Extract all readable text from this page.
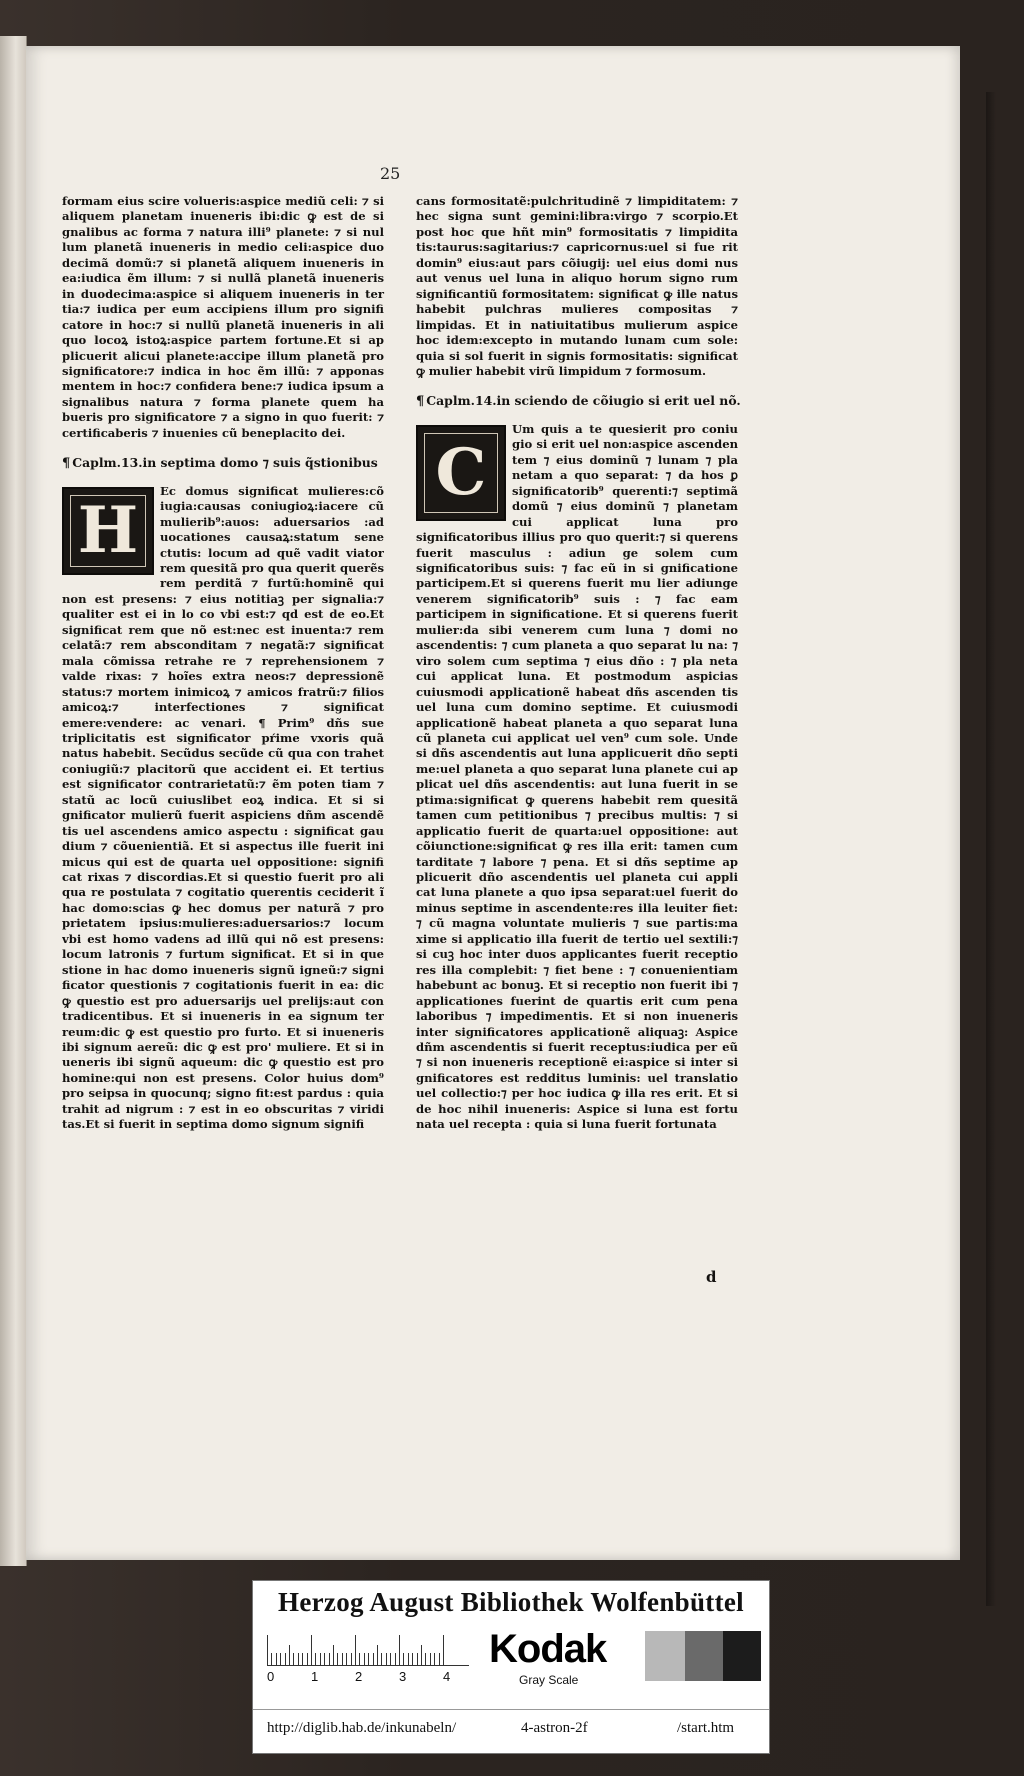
25

formam eius scire volueris:aspice mediũ celi: ⁊ si aliquem planetam inueneris ibi:dic ꝙ est de si gnalibus ac forma ⁊ natura illi⁹ planete: ⁊ si nul lum planetã inueneris in medio celi:aspice duo decimã domũ:⁊ si planetã aliquem inueneris in ea:iudica ẽm illum: ⁊ si nullã planetã inueneris in duodecima:aspice si aliquem inueneris in ter tia:⁊ iudica per eum accipiens illum pro signifi catore in hoc:⁊ si nullũ planetã inueneris in ali quo locoꝝ istoꝝ:aspice partem fortune.Et si ap plicuerit alicui planete:accipe illum planetã pro significatore:⁊ indica in hoc ẽm illũ: ⁊ apponas mentem in hoc:⁊ confidera bene:⁊ iudica ipsum a signalibus natura ⁊ forma planete quem ha bueris pro significatore ⁊ a signo in quo fuerit: ⁊ certificaberis ⁊ inuenies cũ beneplacito dei.

¶ Caplm.13.in septima domo ⁊ suis q̃stionibus
H

Ec domus significat mulieres:cõ iugia:causas coniugioꝝ:iacere cũ mulierib⁹:auos: aduersarios :ad uocationes causaꝝ:statum sene ctutis: locum ad quẽ vadit viator rem quesitã pro qua querit querẽs rem perditã ⁊ furtũ:hominẽ qui non est presens: ⁊ eius notitiaꝫ per signalia:⁊ qualiter est ei in lo co vbi est:⁊ qd est de eo.Et significat rem que nõ est:nec est inuenta:⁊ rem celatã:⁊ rem absconditam ⁊ negatã:⁊ significat mala cõmissa retrahe re ⁊ reprehensionem ⁊ valde rixas: ⁊ hoĩes extra neos:⁊ depressionẽ status:⁊ mortem inimicoꝝ ⁊ amicos fratrũ:⁊ filios amicoꝝ:⁊ interfectiones ⁊ significat emere:vendere: ac venari. ¶ Prim⁹ dñs sue triplicitatis est significator pŕime vxoris quã natus habebit. Secũdus secũde cũ qua con trahet coniugiũ:⁊ placitorũ que accident ei. Et tertius est significator contrarietatũ:⁊ ẽm poten tiam ⁊ statũ ac locũ cuiuslibet eoꝝ indica. Et si si gnificator mulierũ fuerit aspiciens dñm ascendẽ tis uel ascendens amico aspectu : significat gau dium ⁊ cõuenientiã. Et si aspectus ille fuerit ini micus qui est de quarta uel oppositione: signifi cat rixas ⁊ discordias.Et si questio fuerit pro ali qua re postulata ⁊ cogitatio querentis ceciderit ĩ hac domo:scias ꝙ hec domus per naturã ⁊ pro prietatem ipsius:mulieres:aduersarios:⁊ locum vbi est homo vadens ad illũ qui nõ est presens: locum latronis ⁊ furtum significat. Et si in que stione in hac domo inueneris signũ igneũ:⁊ signi ficator questionis ⁊ cogitationis fuerit in ea: dic ꝙ questio est pro aduersarijs uel prelijs:aut con tradicentibus. Et si inueneris in ea signum ter reum:dic ꝙ est questio pro furto. Et si inueneris ibi signum aereũ: dic ꝙ est pro' muliere. Et si in ueneris ibi signũ aqueum: dic ꝙ questio est pro homine:qui non est presens. Color huius dom⁹ pro seipsa in quocunq; signo fit:est pardus : quia trahit ad nigrum : ⁊ est in eo obscuritas ⁊ viridi tas.Et si fuerit in septima domo signum signifi

cans formositatẽ:pulchritudinẽ ⁊ limpiditatem: ⁊ hec signa sunt gemini:libra:virgo ⁊ scorpio.Et post hoc que hñt min⁹ formositatis ⁊ limpidita tis:taurus:sagitarius:⁊ capricornus:uel si fue rit domin⁹ eius:aut pars cõiugij: uel eius domi nus aut venus uel luna in aliquo horum signo rum significantiũ formositatem: significat ꝙ ille natus habebit pulchras mulieres compositas ⁊ limpidas. Et in natiuitatibus mulierum aspice hoc idem:excepto in mutando lunam cum sole: quia si sol fuerit in signis formositatis: significat ꝙ mulier habebit virũ limpidum ⁊ formosum.

¶ Caplm.14.in sciendo de cõiugio si erit uel nõ.
C

Um quis a te quesierit pro coniu gio si erit uel non:aspice ascenden tem ⁊ eius dominũ ⁊ lunam ⁊ pla netam a quo separat: ⁊ da hos ꝑ significatorib⁹ querenti:⁊ septimã domũ ⁊ eius dominũ ⁊ planetam cui applicat luna pro significatoribus illius pro quo querit:⁊ si querens fuerit masculus : adiun ge solem cum significatoribus suis: ⁊ fac eũ in si gnificatione participem.Et si querens fuerit mu lier adiunge venerem significatorib⁹ suis : ⁊ fac eam participem in significatione. Et si querens fuerit mulier:da sibi venerem cum luna ⁊ domi no ascendentis: ⁊ cum planeta a quo separat lu na: ⁊ viro solem cum septima ⁊ eius dño : ⁊ pla neta cui applicat luna. Et postmodum aspicias cuiusmodi applicationẽ habeat dñs ascenden tis uel luna cum domino septime. Et cuiusmodi applicationẽ habeat planeta a quo separat luna cũ planeta cui applicat uel ven⁹ cum sole. Unde si dñs ascendentis aut luna applicuerit dño septi me:uel planeta a quo separat luna planete cui ap plicat uel dñs ascendentis: aut luna fuerit in se ptima:significat ꝙ querens habebit rem quesitã tamen cum petitionibus ⁊ precibus multis: ⁊ si applicatio fuerit de quarta:uel oppositione: aut cõiunctione:significat ꝙ res illa erit: tamen cum tarditate ⁊ labore ⁊ pena. Et si dñs septime ap plicuerit dño ascendentis uel planeta cui appli cat luna planete a quo ipsa separat:uel fuerit do minus septime in ascendente:res illa leuiter fiet: ⁊ cũ magna voluntate mulieris ⁊ sue partis:ma xime si applicatio illa fuerit de tertio uel sextili:⁊ si cuꝫ hoc inter duos applicantes fuerit receptio res illa complebit: ⁊ fiet bene : ⁊ conuenientiam habebunt ac bonuꝫ. Et si receptio non fuerit ibi ⁊ applicationes fuerint de quartis erit cum pena laboribus ⁊ impedimentis. Et si non inueneris inter significatores applicationẽ aliquaꝫ: Aspice dñm ascendentis si fuerit receptus:iudica per eũ ⁊ si non inueneris receptionẽ ei:aspice si inter si gnificatores est redditus luminis: uel translatio uel collectio:⁊ per hoc iudica ꝙ illa res erit. Et si de hoc nihil inueneris: Aspice si luna est fortu nata uel recepta : quia si luna fuerit fortunata

d
Herzog August Bibliothek Wolfenbüttel
0	1	2	3	4
Kodak
Gray Scale
http://diglib.hab.de/inkunabeln/	4-astron-2f	/start.htm
